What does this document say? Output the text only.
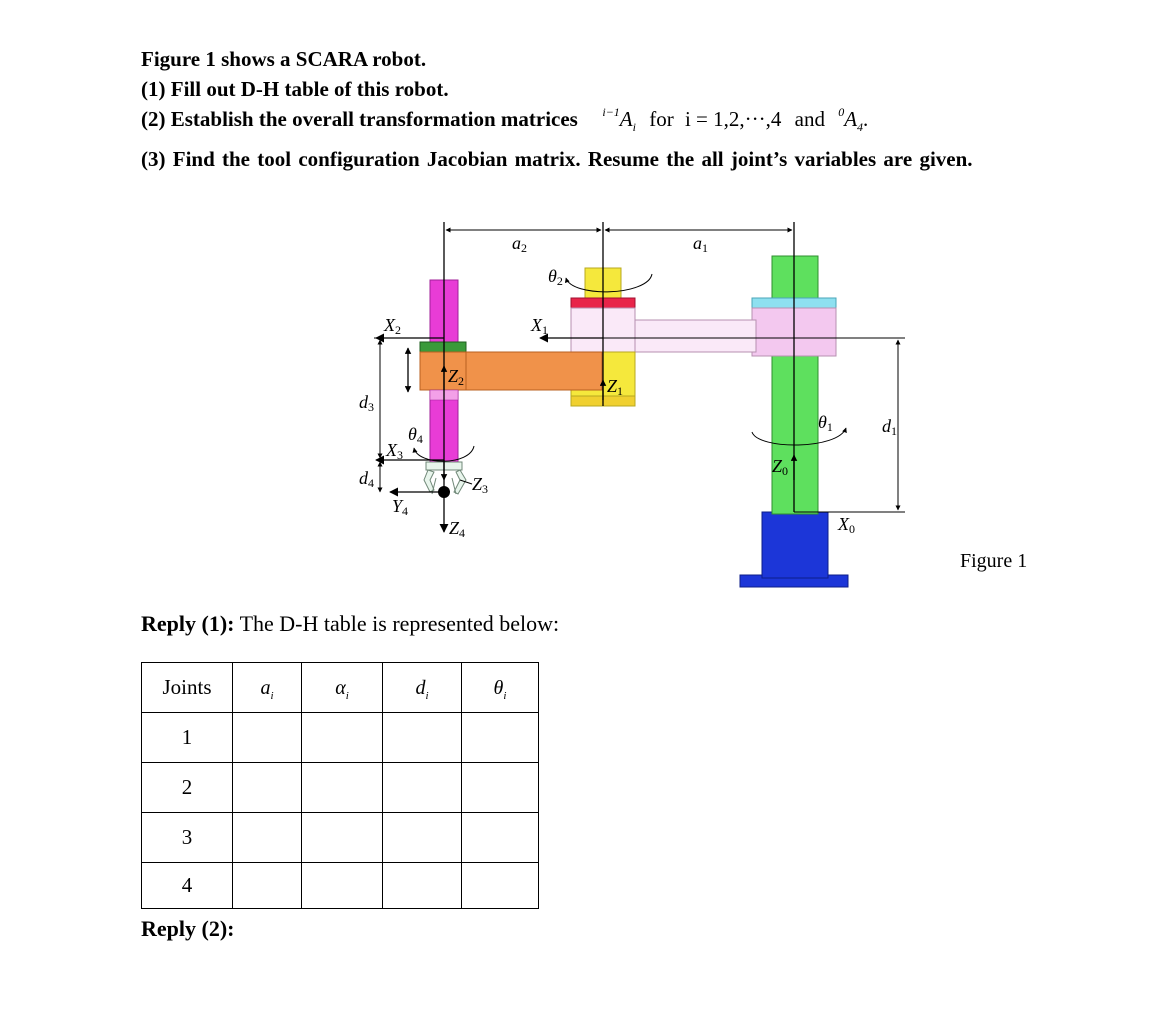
Figure 1 shows a SCARA robot.
(1) Fill out D-H table of this robot.
(2) Establish the overall transformation matrices $^{i-1}A_i$ for i = 1,2,···,4 and $^0A_4$.
(3) Find the tool configuration Jacobian matrix. Resume the all joint’s variables are given.
a2	a1
θ2
X1
X2
Z2	Z1
d3
θ4
X3
Z3
d4
Y4
Z4
θ1
Z0
X0
d1
Figure 1
Reply (1): The D-H table is represented below:
Joints	$a_i$	$\alpha_i$	$d_i$	$\theta_i$
1				
2				
3				
4				
Reply (2):
